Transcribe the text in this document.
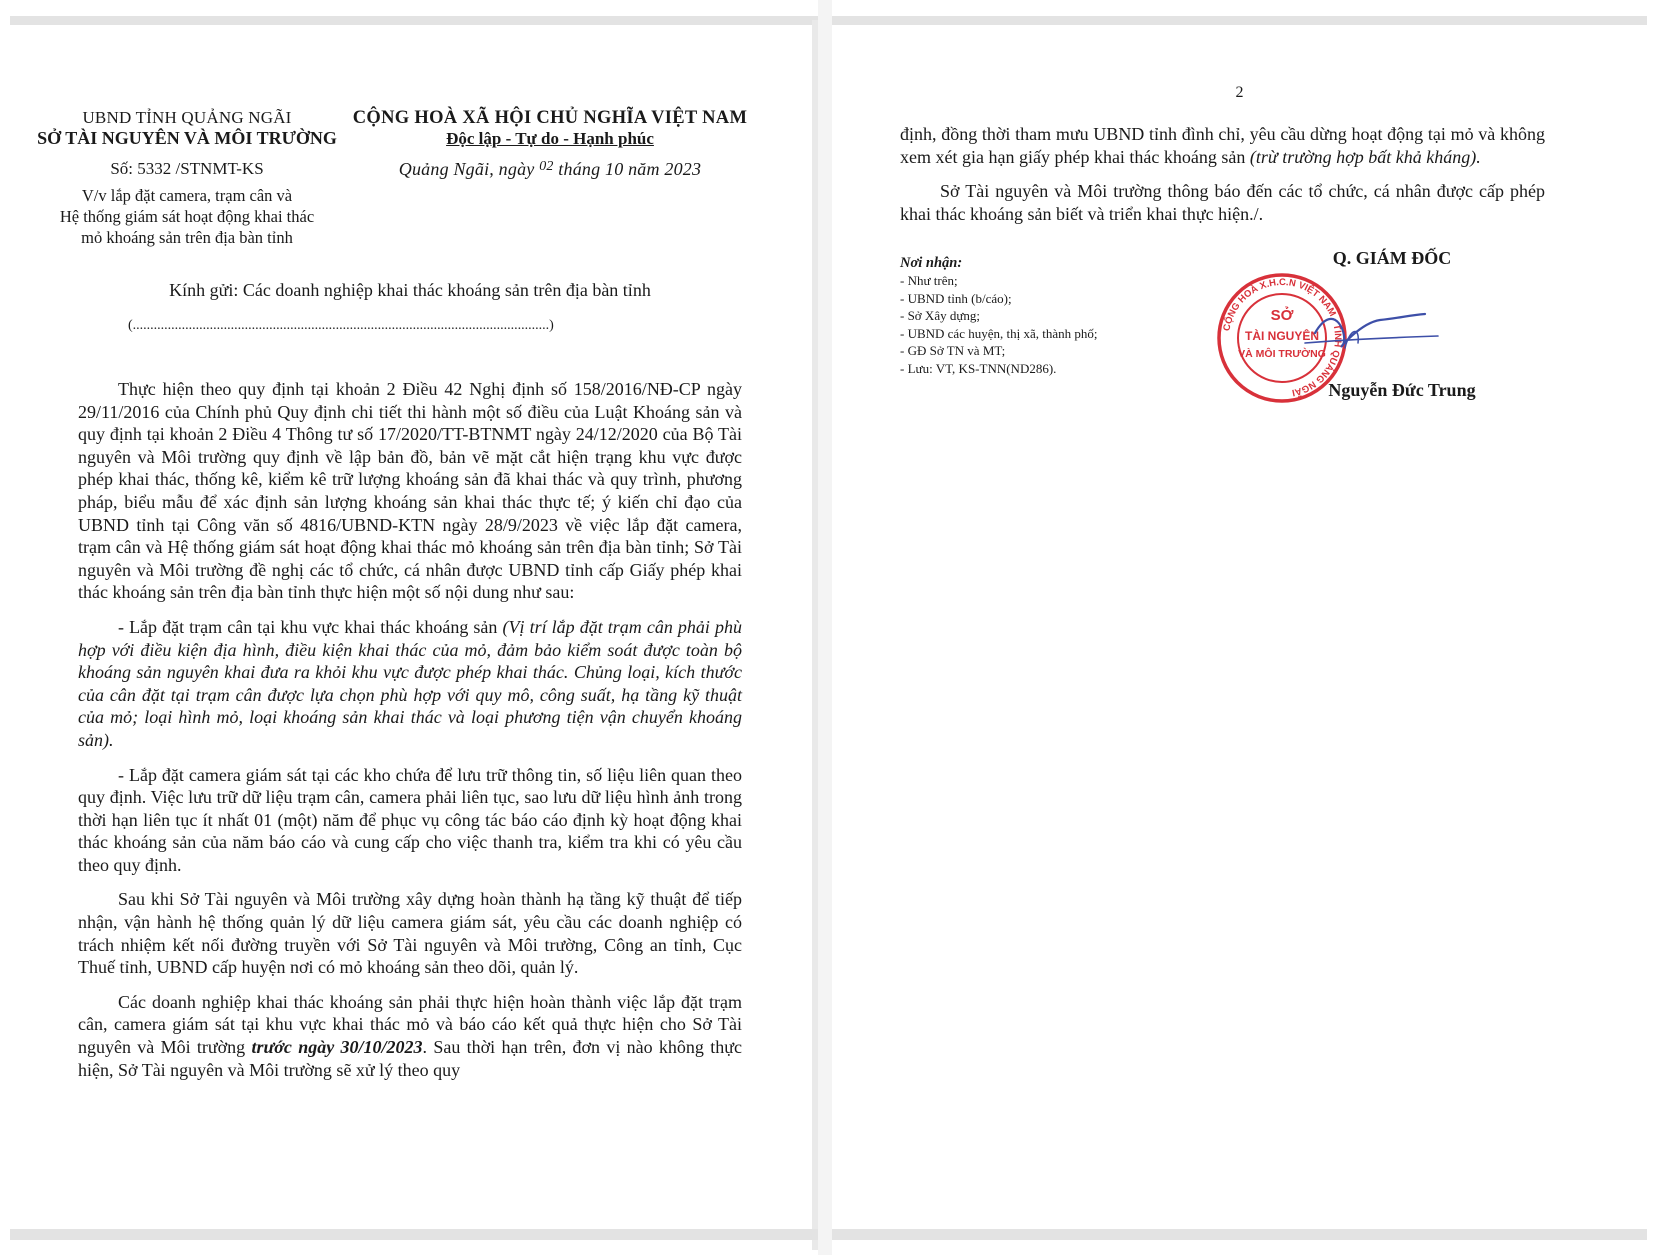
UBND TỈNH QUẢNG NGÃI
SỞ TÀI NGUYÊN VÀ MÔI TRƯỜNG
Số: 5332 /STNMT-KS
V/v lắp đặt camera, trạm cân và
Hệ thống giám sát hoạt động khai thác
mỏ khoáng sản trên địa bàn tỉnh
CỘNG HOÀ XÃ HỘI CHỦ NGHĨA VIỆT NAM
Độc lập - Tự do - Hạnh phúc
Quảng Ngãi, ngày $^{02}$ tháng 10 năm 2023
Kính gửi: Các doanh nghiệp khai thác khoáng sản trên địa bàn tỉnh
(.......................................................................................................................)

Thực hiện theo quy định tại khoản 2 Điều 42 Nghị định số 158/2016/NĐ-CP ngày 29/11/2016 của Chính phủ Quy định chi tiết thi hành một số điều của Luật Khoáng sản và quy định tại khoản 2 Điều 4 Thông tư số 17/2020/TT-BTNMT ngày 24/12/2020 của Bộ Tài nguyên và Môi trường quy định về lập bản đồ, bản vẽ mặt cắt hiện trạng khu vực được phép khai thác, thống kê, kiểm kê trữ lượng khoáng sản đã khai thác và quy trình, phương pháp, biểu mẫu để xác định sản lượng khoáng sản khai thác thực tế; ý kiến chỉ đạo của UBND tỉnh tại Công văn số 4816/UBND-KTN ngày 28/9/2023 về việc lắp đặt camera, trạm cân và Hệ thống giám sát hoạt động khai thác mỏ khoáng sản trên địa bàn tỉnh; Sở Tài nguyên và Môi trường đề nghị các tổ chức, cá nhân được UBND tỉnh cấp Giấy phép khai thác khoáng sản trên địa bàn tỉnh thực hiện một số nội dung như sau:

- Lắp đặt trạm cân tại khu vực khai thác khoáng sản (Vị trí lắp đặt trạm cân phải phù hợp với điều kiện địa hình, điều kiện khai thác của mỏ, đảm bảo kiểm soát được toàn bộ khoáng sản nguyên khai đưa ra khỏi khu vực được phép khai thác. Chủng loại, kích thước của cân đặt tại trạm cân được lựa chọn phù hợp với quy mô, công suất, hạ tầng kỹ thuật của mỏ; loại hình mỏ, loại khoáng sản khai thác và loại phương tiện vận chuyển khoáng sản).

- Lắp đặt camera giám sát tại các kho chứa để lưu trữ thông tin, số liệu liên quan theo quy định. Việc lưu trữ dữ liệu trạm cân, camera phải liên tục, sao lưu dữ liệu hình ảnh trong thời hạn liên tục ít nhất 01 (một) năm để phục vụ công tác báo cáo định kỳ hoạt động khai thác khoáng sản của năm báo cáo và cung cấp cho việc thanh tra, kiểm tra khi có yêu cầu theo quy định.

Sau khi Sở Tài nguyên và Môi trường xây dựng hoàn thành hạ tầng kỹ thuật để tiếp nhận, vận hành hệ thống quản lý dữ liệu camera giám sát, yêu cầu các doanh nghiệp có trách nhiệm kết nối đường truyền với Sở Tài nguyên và Môi trường, Công an tỉnh, Cục Thuế tỉnh, UBND cấp huyện nơi có mỏ khoáng sản theo dõi, quản lý.

Các doanh nghiệp khai thác khoáng sản phải thực hiện hoàn thành việc lắp đặt trạm cân, camera giám sát tại khu vực khai thác mỏ và báo cáo kết quả thực hiện cho Sở Tài nguyên và Môi trường trước ngày 30/10/2023. Sau thời hạn trên, đơn vị nào không thực hiện, Sở Tài nguyên và Môi trường sẽ xử lý theo quy

2

định, đồng thời tham mưu UBND tỉnh đình chỉ, yêu cầu dừng hoạt động tại mỏ và không xem xét gia hạn giấy phép khai thác khoáng sản (trừ trường hợp bất khả kháng).

Sở Tài nguyên và Môi trường thông báo đến các tổ chức, cá nhân được cấp phép khai thác khoáng sản biết và triển khai thực hiện./.

Nơi nhận:
- Như trên;
- UBND tỉnh (b/cáo);
- Sở Xây dựng;
- UBND các huyện, thị xã, thành phố;
- GĐ Sở TN và MT;
- Lưu: VT, KS-TNN(ND286).
Q. GIÁM ĐỐC
CỘNG HOÀ X.H.C.N VIỆT NAM · TỈNH QUẢNG NGÃI
SỞ
TÀI NGUYÊN
VÀ MÔI TRƯỜNG
Nguyễn Đức Trung
